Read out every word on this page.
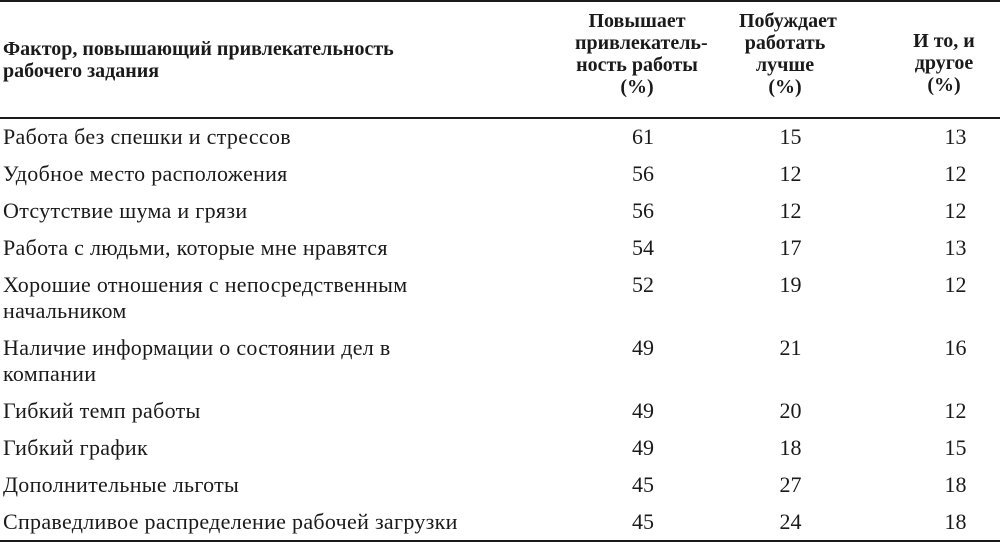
Фактор, повышающий привлекательность рабочего задания	Повышает привлекатель-ность работы (%)	Побуждает работать лучше (%)	И то, и другое (%)

Работа без спешки и стрессов	61	15	13
Удобное место расположения	56	12	12
Отсутствие шума и грязи	56	12	12
Работа с людьми, которые мне нравятся	54	17	13
Хорошие отношения с непосредственным начальником	52	19	12
Наличие информации о состоянии дел в компании	49	21	16
Гибкий темп работы	49	20	12
Гибкий график	49	18	15
Дополнительные льготы	45	27	18
Справедливое распределение рабочей загрузки	45	24	18
